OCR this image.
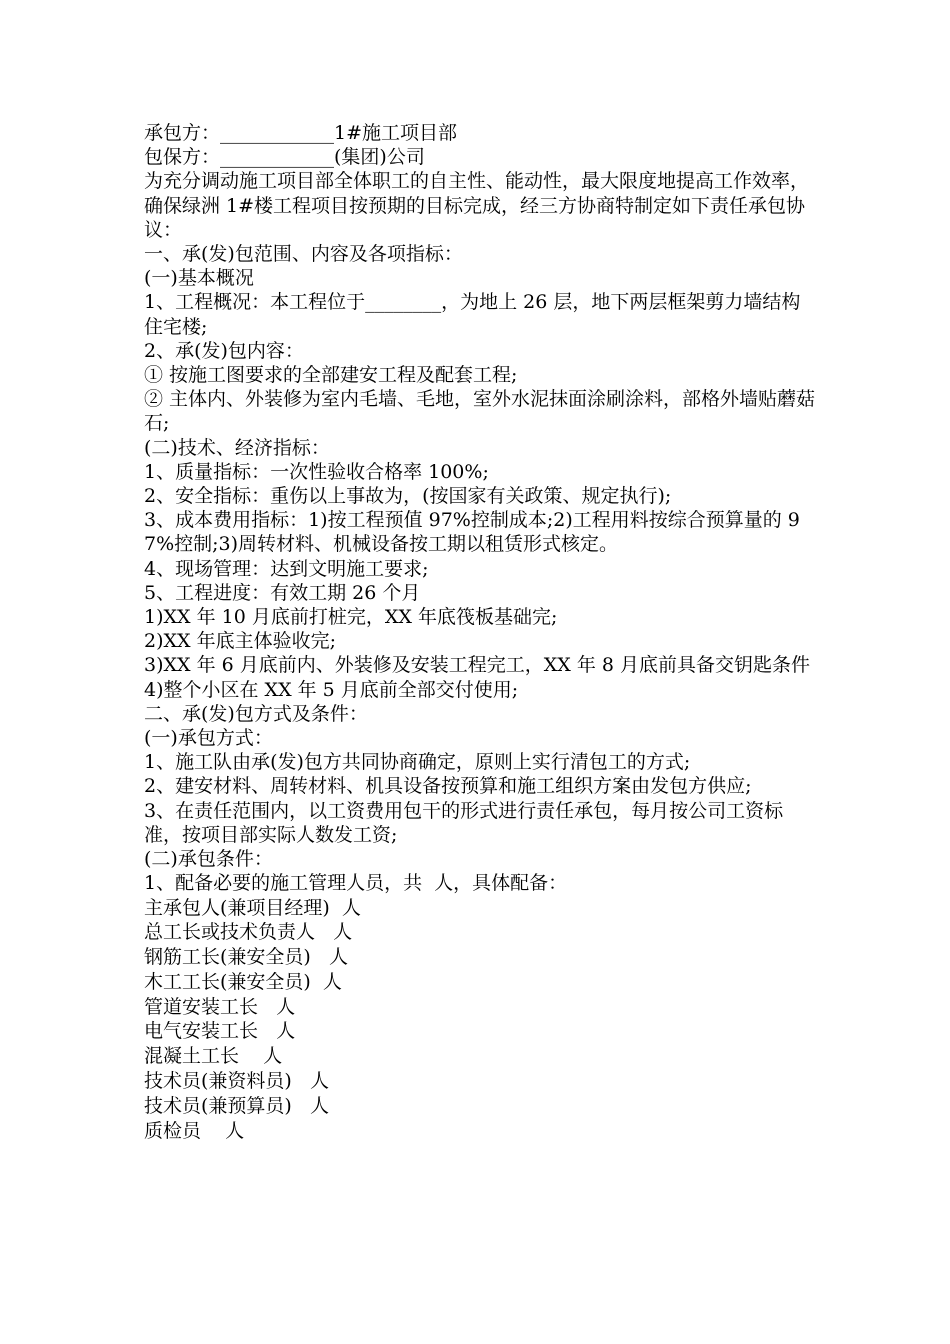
承包方：____________1#施工项目部
包保方：____________(集团)公司
为充分调动施工项目部全体职工的自主性、能动性，最大限度地提高工作效率，确保绿洲 1#楼工程项目按预期的目标完成，经三方协商特制定如下责任承包协议：
一、承(发)包范围、内容及各项指标：
(一)基本概况
1、工程概况：本工程位于________，为地上 26 层，地下两层框架剪力墙结构住宅楼;
2、承(发)包内容：
① 按施工图要求的全部建安工程及配套工程;
② 主体内、外装修为室内毛墙、毛地，室外水泥抹面涂刷涂料，部格外墙贴蘑菇石;
(二)技术、经济指标：
1、质量指标：一次性验收合格率 100%;
2、安全指标：重伤以上事故为，(按国家有关政策、规定执行);
3、成本费用指标：1)按工程预值 97%控制成本;2)工程用料按综合预算量的 97%控制;3)周转材料、机械设备按工期以租赁形式核定。
4、现场管理：达到文明施工要求;
5、工程进度：有效工期 26 个月
1)XX 年 10 月底前打桩完，XX 年底筏板基础完;
2)XX 年底主体验收完;
3)XX 年 6 月底前内、外装修及安装工程完工，XX 年 8 月底前具备交钥匙条件
4)整个小区在 XX 年 5 月底前全部交付使用;
二、承(发)包方式及条件：
(一)承包方式：
1、施工队由承(发)包方共同协商确定，原则上实行清包工的方式;
2、建安材料、周转材料、机具设备按预算和施工组织方案由发包方供应;
3、在责任范围内，以工资费用包干的形式进行责任承包，每月按公司工资标准，按项目部实际人数发工资;
(二)承包条件：
1、配备必要的施工管理人员，共  人，具体配备：
主承包人(兼项目经理)  人
总工长或技术负责人   人
钢筋工长(兼安全员)   人
木工工长(兼安全员)  人
管道安装工长   人
电气安装工长   人
混凝土工长    人
技术员(兼资料员)   人
技术员(兼预算员)   人
质检员    人
